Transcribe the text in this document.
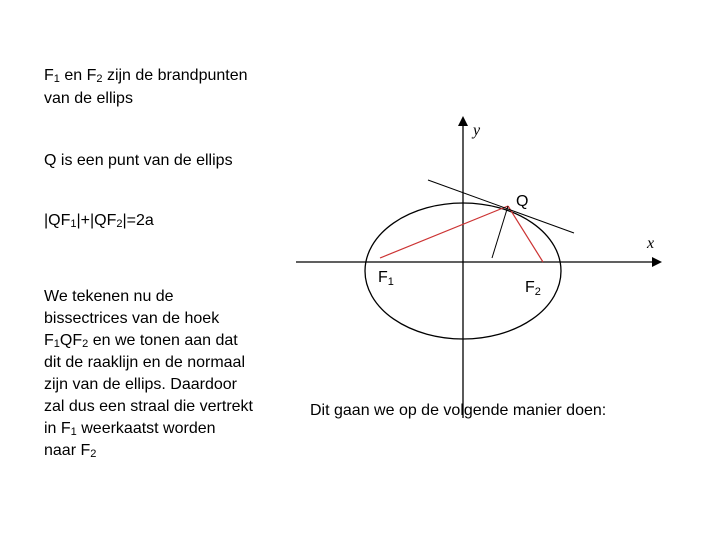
$F_1$ en $F_2$ zijn de brandpunten
van de ellips
Q is een punt van de ellips
$|QF_1|+|QF_2|=2a$
We tekenen nu de
bissectrices van de hoek
$F_1QF_2$ en we tonen aan dat
dit de raaklijn en de normaal
zijn van de ellips. Daardoor
zal dus een straal die vertrekt
in $F_1$ weerkaatst worden
naar $F_2$
y
x
Q
F1	F2
Dit gaan we op de volgende manier doen:
